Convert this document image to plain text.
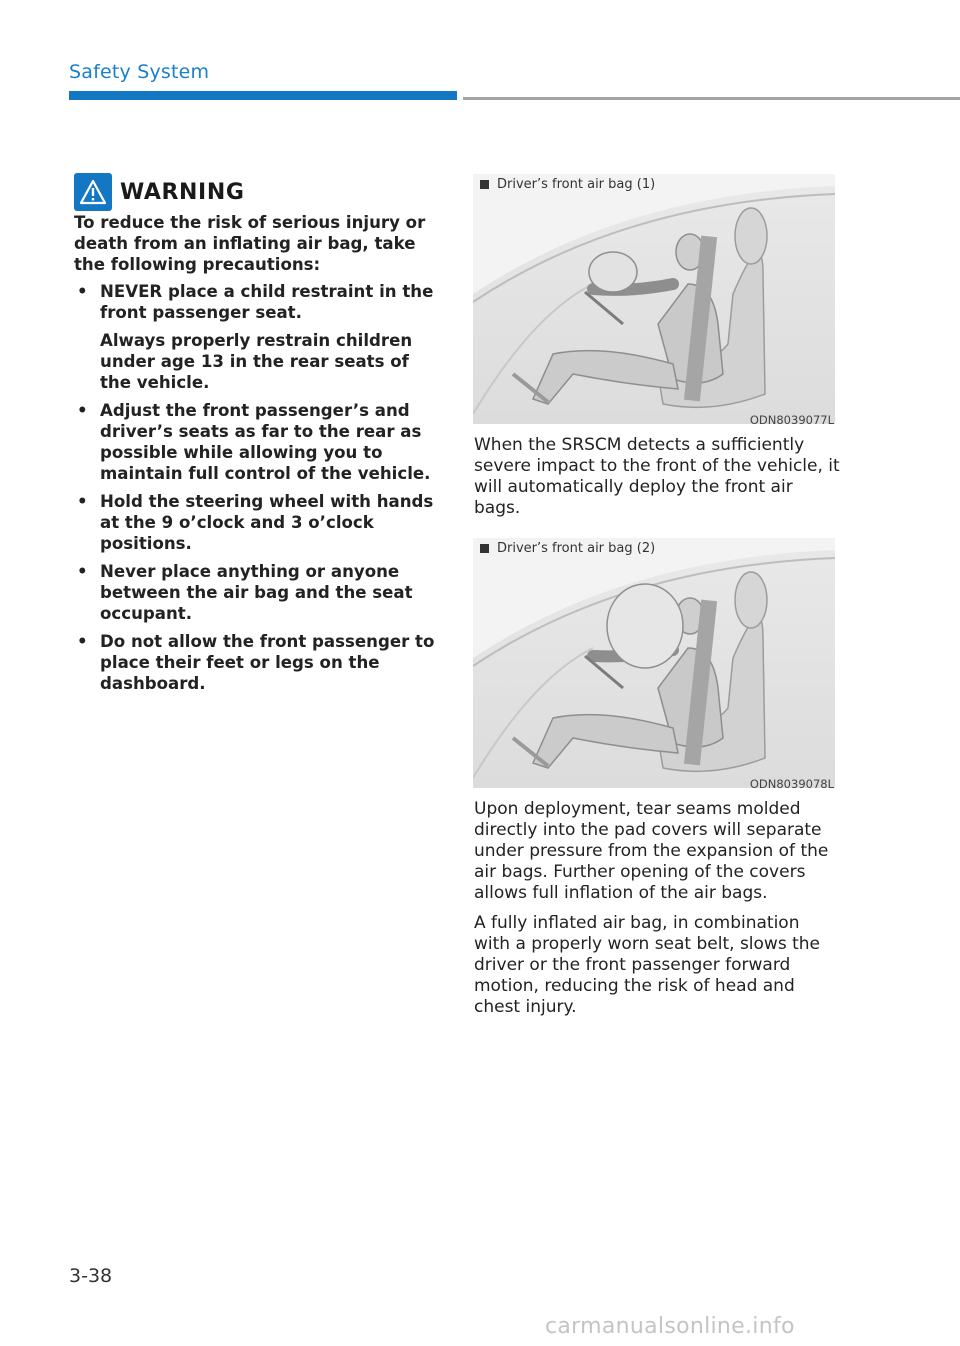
Safety System
WARNING
To reduce the risk of serious injury or death from an inflating air bag, take the following precautions:
• NEVER place a child restraint in the front passenger seat.
Always properly restrain children under age 13 in the rear seats of the vehicle.
• Adjust the front passenger’s and driver’s seats as far to the rear as possible while allowing you to maintain full control of the vehicle.
• Hold the steering wheel with hands at the 9 o’clock and 3 o’clock positions.
• Never place anything or anyone between the air bag and the seat occupant.
• Do not allow the front passenger to place their feet or legs on the dashboard.
Driver’s front air bag (1)
ODN8039077L

When the SRSCM detects a sufficiently severe impact to the front of the vehicle, it will automatically deploy the front air bags.

Driver’s front air bag (2)
ODN8039078L

Upon deployment, tear seams molded directly into the pad covers will separate under pressure from the expansion of the air bags. Further opening of the covers allows full inflation of the air bags.

A fully inflated air bag, in combination with a properly worn seat belt, slows the driver or the front passenger forward motion, reducing the risk of head and chest injury.

3-38
carmanualsonline.info
